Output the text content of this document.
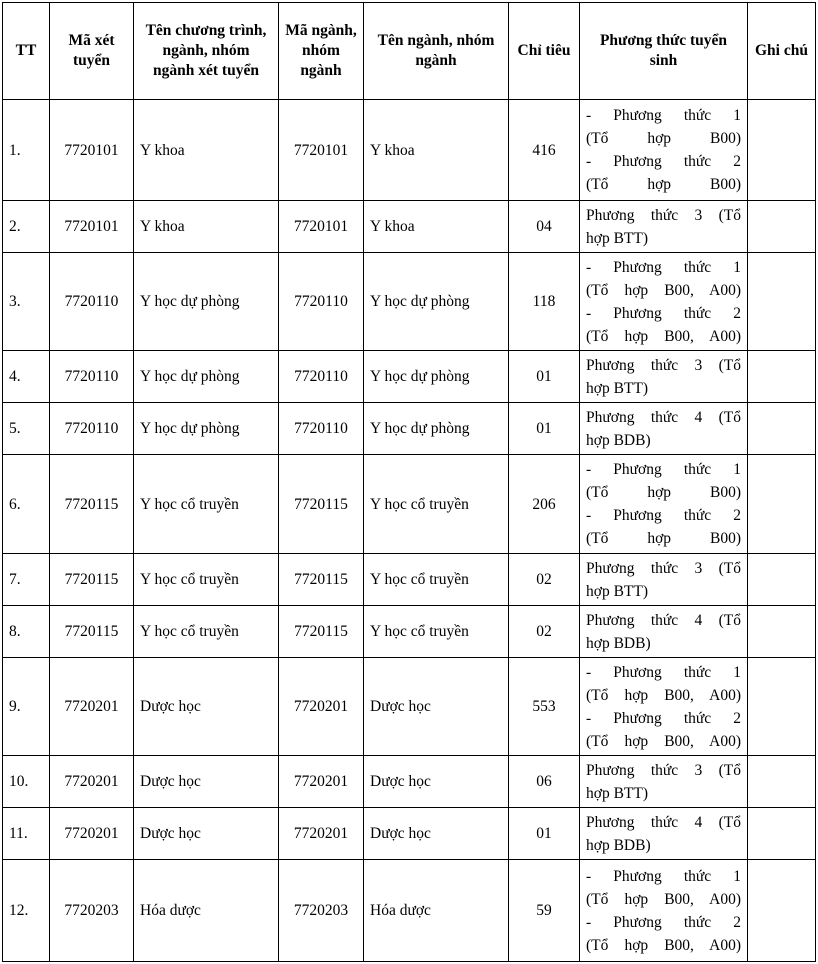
TT	Mã xét tuyển	Tên chương trình, ngành, nhóm ngành xét tuyển	Mã ngành, nhóm ngành	Tên ngành, nhóm ngành	Chỉ tiêu	Phương thức tuyển sinh	Ghi chú
1.	7720101	Y khoa	7720101	Y khoa	416	- Phương thức 1
(Tổ hợp B00)
- Phương thức 2
(Tổ hợp B00)	

2.	7720101	Y khoa	7720101	Y khoa	04	Phương thức 3 (Tổ
hợp BTT)	

3.	7720110	Y học dự phòng	7720110	Y học dự phòng	118	- Phương thức 1
(Tổ hợp B00, A00)
- Phương thức 2
(Tổ hợp B00, A00)	

4.	7720110	Y học dự phòng	7720110	Y học dự phòng	01	Phương thức 3 (Tổ
hợp BTT)	

5.	7720110	Y học dự phòng	7720110	Y học dự phòng	01	Phương thức 4 (Tổ
hợp BDB)	

6.	7720115	Y học cổ truyền	7720115	Y học cổ truyền	206	- Phương thức 1
(Tổ hợp B00)
- Phương thức 2
(Tổ hợp B00)	

7.	7720115	Y học cổ truyền	7720115	Y học cổ truyền	02	Phương thức 3 (Tổ
hợp BTT)	

8.	7720115	Y học cổ truyền	7720115	Y học cổ truyền	02	Phương thức 4 (Tổ
hợp BDB)	

9.	7720201	Dược học	7720201	Dược học	553	- Phương thức 1
(Tổ hợp B00, A00)
- Phương thức 2
(Tổ hợp B00, A00)	

10.	7720201	Dược học	7720201	Dược học	06	Phương thức 3 (Tổ
hợp BTT)	

11.	7720201	Dược học	7720201	Dược học	01	Phương thức 4 (Tổ
hợp BDB)	

12.	7720203	Hóa dược	7720203	Hóa dược	59	- Phương thức 1
(Tổ hợp B00, A00)
- Phương thức 2
(Tổ hợp B00, A00)	
